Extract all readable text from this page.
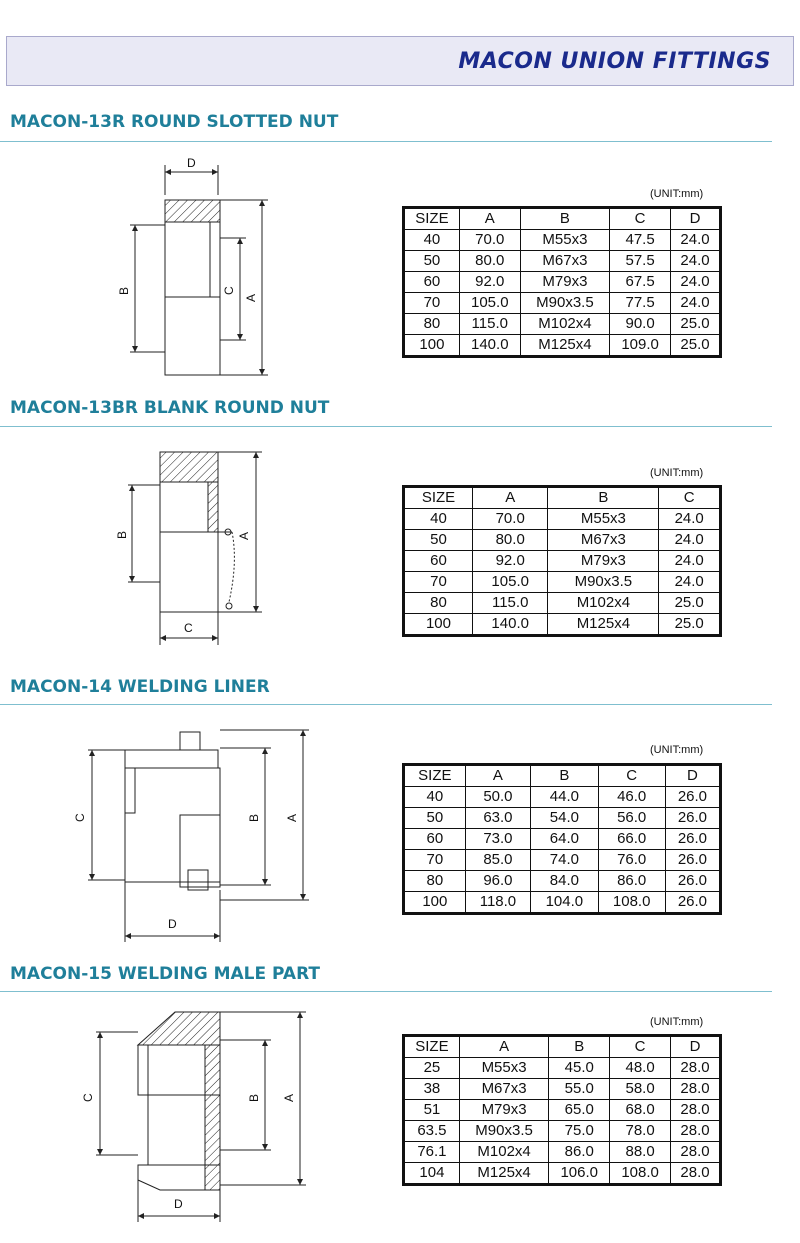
MACON UNION FITTINGS
MACON-13R ROUND SLOTTED NUT
D
B	C
A
(UNIT:mm)
SIZE	A	B	C	D
40	70.0	M55x3	47.5	24.0
50	80.0	M67x3	57.5	24.0
60	92.0	M79x3	67.5	24.0
70	105.0	M90x3.5	77.5	24.0
80	115.0	M102x4	90.0	25.0
100	140.0	M125x4	109.0	25.0
MACON-13BR BLANK ROUND NUT
B	A
C
(UNIT:mm)
SIZE	A	B	C
40	70.0	M55x3	24.0
50	80.0	M67x3	24.0
60	92.0	M79x3	24.0
70	105.0	M90x3.5	24.0
80	115.0	M102x4	25.0
100	140.0	M125x4	25.0
MACON-14 WELDING LINER
C	B A
D
(UNIT:mm)
SIZE	A	B	C	D
40	50.0	44.0	46.0	26.0
50	63.0	54.0	56.0	26.0
60	73.0	64.0	66.0	26.0
70	85.0	74.0	76.0	26.0
80	96.0	84.0	86.0	26.0
100	118.0	104.0	108.0	26.0
MACON-15 WELDING MALE PART
C	B A
D
(UNIT:mm)
SIZE	A	B	C	D
25	M55x3	45.0	48.0	28.0
38	M67x3	55.0	58.0	28.0
51	M79x3	65.0	68.0	28.0
63.5	M90x3.5	75.0	78.0	28.0
76.1	M102x4	86.0	88.0	28.0
104	M125x4	106.0	108.0	28.0
